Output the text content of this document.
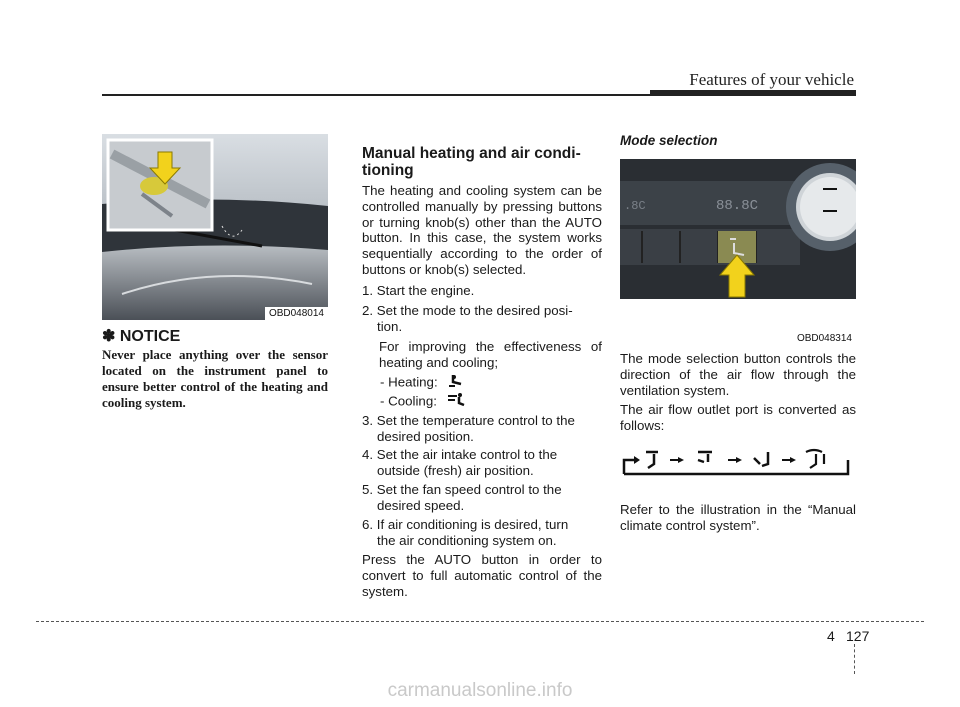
Features of your vehicle
OBD048014
✽ NOTICE
Never place anything over the sensor located on the instrument panel to ensure better control of the heating and cooling system.
Manual heating and air condi-tioning
The heating and cooling system can be controlled manually by pressing buttons or turning knob(s) other than the AUTO button. In this case, the system works sequentially according to the order of buttons or knob(s) selected.
1. Start the engine.
2. Set the mode to the desired posi-
tion.
For improving the effectiveness of heating and cooling;
- Heating:
- Cooling:
3. Set the temperature control to the
desired position.
4. Set the air intake control to the
outside (fresh) air position.
5. Set the fan speed control to the
desired speed.
6. If air conditioning is desired, turn
the air conditioning system on.
Press the AUTO button in order to convert to full automatic control of the system.
Mode selection
.8C	88.8C
OBD048314
The mode selection button controls the direction of the air flow through the ventilation system.
The air flow outlet port is converted as follows:
Refer to the illustration in the “Manual climate control system”.
4 127
carmanualsonline.info
